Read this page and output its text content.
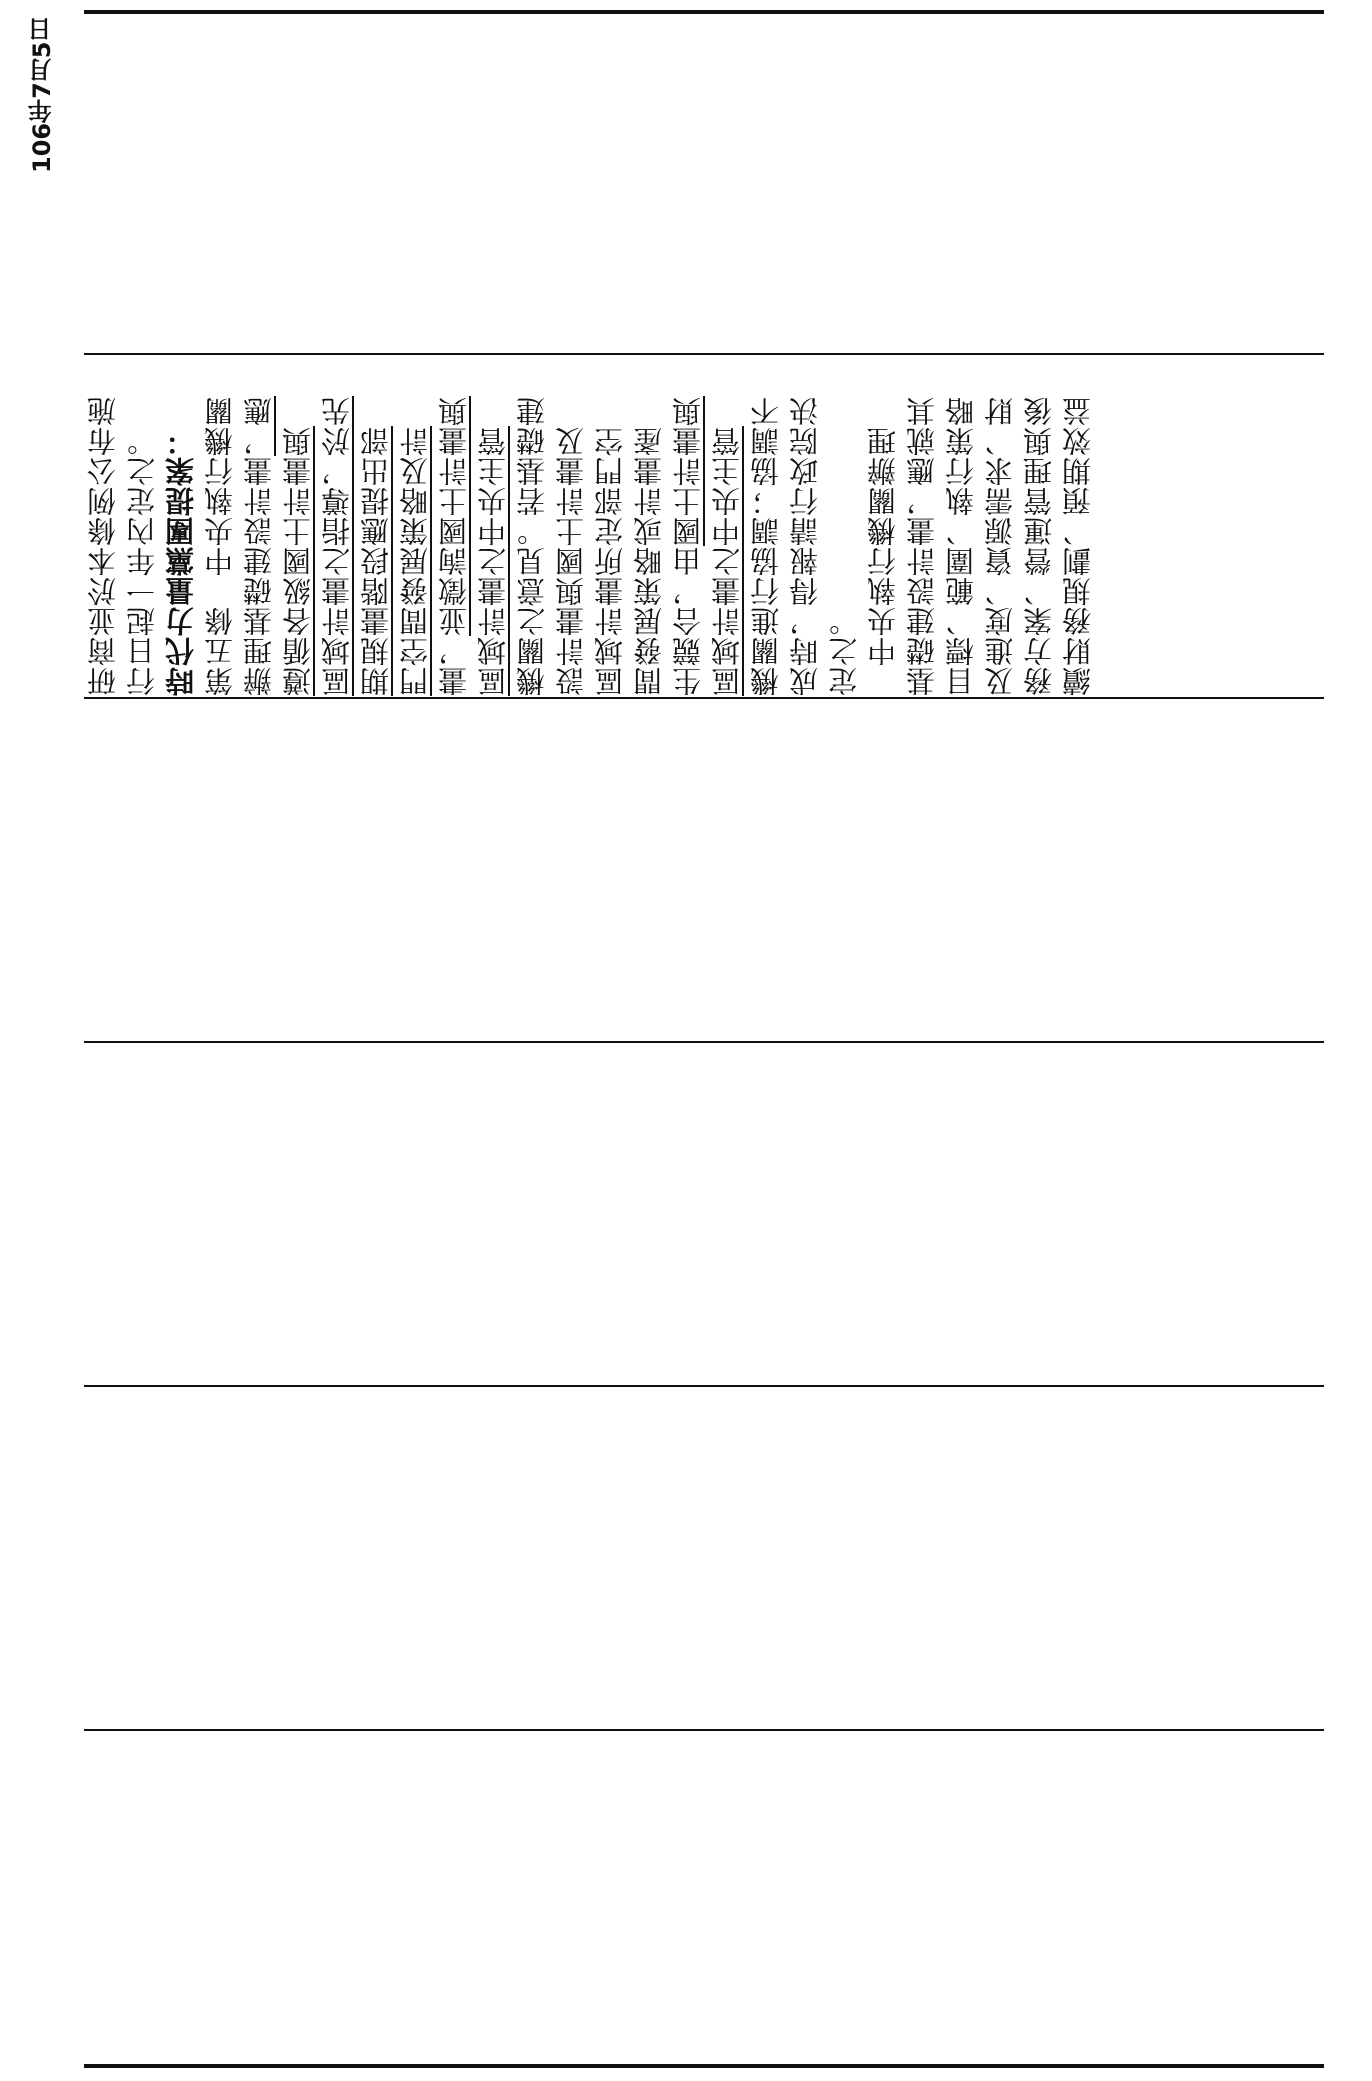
106年7月5日
研商並於本條例公布施 行日起一年內定之。 時代力量黨團提案： 第五條　中央執行機關 辦理基礎建設計畫，應 遵循各級國土計畫與 區域計畫之指導，於先 期規畫階段應提出部 門空間發展策略及計 畫，並徵詢國土計畫與 區域計畫之中央主管 機關之意見。若基礎建 設計畫與國土計畫及 區域計畫所定部門空 間發展策略或計畫產 生競合，由國土計畫與 區域計畫之中央主管 機關進行協調；協調不 成時，得報請行政院決 定之。 　中央執行機關辦理 基礎建設計畫，應就其 目標、範圍、執行策略 及進度、資源需求、財 務方案、營運管理與後 續財務規劃、預期效益
